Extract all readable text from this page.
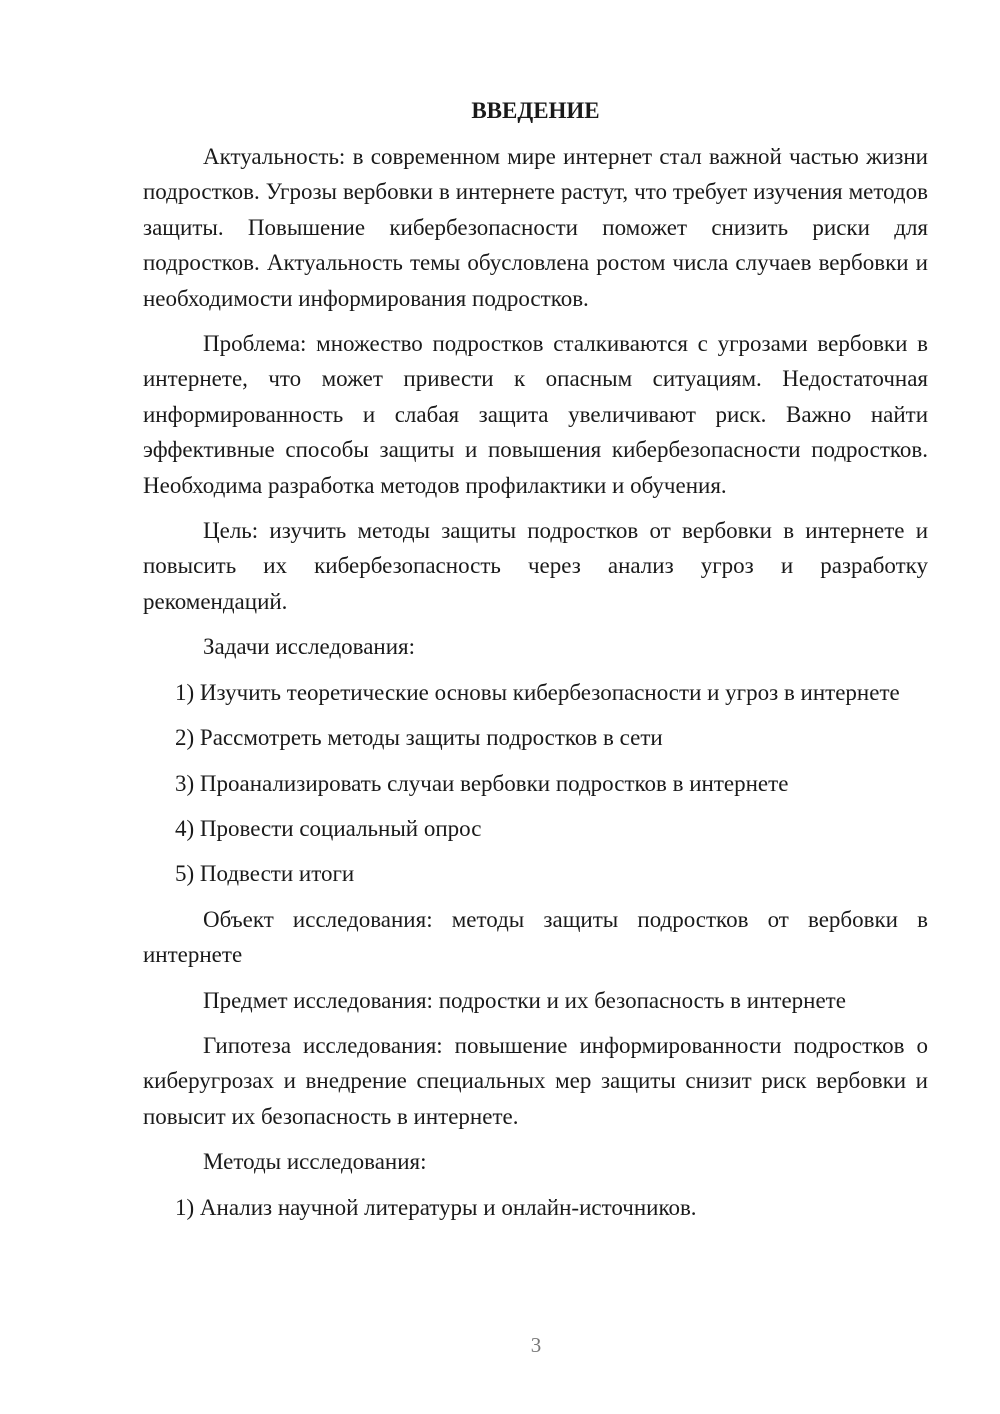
ВВЕДЕНИЕ

Актуальность: в современном мире интернет стал важной частью жизни подростков. Угрозы вербовки в интернете растут, что требует изучения методов защиты. Повышение кибербезопасности поможет снизить риски для подростков. Актуальность темы обусловлена ростом числа случаев вербовки и необходимости информирования подростков.

Проблема: множество подростков сталкиваются с угрозами вербовки в интернете, что может привести к опасным ситуациям. Недостаточная информированность и слабая защита увеличивают риск. Важно найти эффективные способы защиты и повышения кибербезопасности подростков. Необходима разработка методов профилактики и обучения.

Цель: изучить методы защиты подростков от вербовки в интернете и повысить их кибербезопасность через анализ угроз и разработку рекомендаций.

Задачи исследования:

1) Изучить теоретические основы кибербезопасности и угроз в интернете

2) Рассмотреть методы защиты подростков в сети

3) Проанализировать случаи вербовки подростков в интернете

4) Провести социальный опрос

5) Подвести итоги

Объект исследования: методы защиты подростков от вербовки в интернете

Предмет исследования: подростки и их безопасность в интернете

Гипотеза исследования: повышение информированности подростков о киберугрозах и внедрение специальных мер защиты снизит риск вербовки и повысит их безопасность в интернете.

Методы исследования:

1) Анализ научной литературы и онлайн-источников.

3
